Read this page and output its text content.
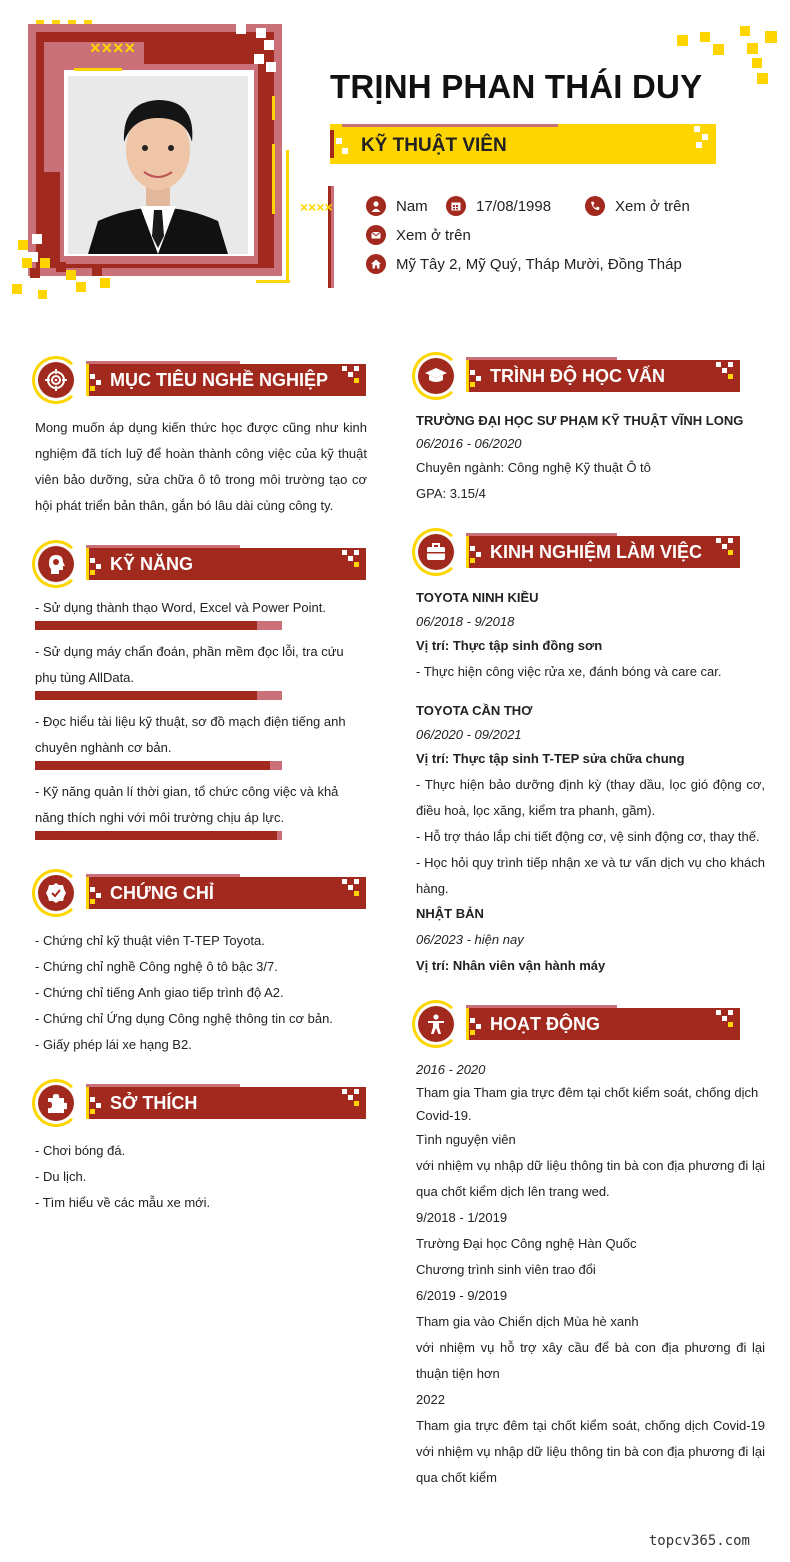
××××
××××
TRỊNH PHAN THÁI DUY
KỸ THUẬT VIÊN
Nam	17/08/1998	Xem ở trên
Xem ở trên
Mỹ Tây 2, Mỹ Quý, Tháp Mười, Đồng Tháp
MỤC TIÊU NGHỀ NGHIỆP
Mong muốn áp dụng kiến thức học được cũng như kinh nghiệm đã tích luỹ để hoàn thành công việc của kỹ thuật viên bảo dưỡng, sửa chữa ô tô trong môi trường tạo cơ hội phát triển bản thân, gắn bó lâu dài cùng công ty.
KỸ NĂNG
- Sử dụng thành thạo Word, Excel và Power Point.
- Sử dụng máy chẩn đoán, phần mềm đọc lỗi, tra cứu phụ tùng AllData.
- Đọc hiểu tài liệu kỹ thuật, sơ đồ mạch điện tiếng anh chuyên nghành cơ bản.
- Kỹ năng quản lí thời gian, tổ chức công việc và khả năng thích nghi với môi trường chịu áp lực.
CHỨNG CHỈ
- Chứng chỉ kỹ thuật viên T-TEP Toyota.
- Chứng chỉ nghề Công nghệ ô tô bậc 3/7.
- Chứng chỉ tiếng Anh giao tiếp trình độ A2.
- Chứng chỉ Ứng dụng Công nghệ thông tin cơ bản.
- Giấy phép lái xe hạng B2.
SỞ THÍCH
- Chơi bóng đá.
- Du lịch.
- Tìm hiểu về các mẫu xe mới.
TRÌNH ĐỘ HỌC VẤN
TRƯỜNG ĐẠI HỌC SƯ PHẠM KỸ THUẬT VĨNH LONG
06/2016 - 06/2020
Chuyên ngành: Công nghệ Kỹ thuật Ô tô
GPA: 3.15/4
KINH NGHIỆM LÀM VIỆC
TOYOTA NINH KIỀU
06/2018 - 9/2018
Vị trí: Thực tập sinh đồng sơn
- Thực hiện công việc rửa xe, đánh bóng và care car.
TOYOTA CẦN THƠ
06/2020 - 09/2021
Vị trí: Thực tập sinh T-TEP sửa chữa chung
- Thực hiện bảo dưỡng định kỳ (thay dầu, lọc gió động cơ, điều hoà, lọc xăng, kiểm tra phanh, gầm).
- Hỗ trợ tháo lắp chi tiết động cơ, vệ sinh động cơ, thay thế.
- Học hỏi quy trình tiếp nhận xe và tư vấn dịch vụ cho khách hàng.
NHẬT BẢN
06/2023 - hiện nay
Vị trí: Nhân viên vận hành máy
HOẠT ĐỘNG
2016 - 2020
Tham gia Tham gia trực đêm tại chốt kiểm soát, chống dịch Covid-19.
Tình nguyện viên
với nhiệm vụ nhập dữ liệu thông tin bà con địa phương đi lại qua chốt kiểm dịch lên trang wed.
9/2018 - 1/2019
Trường Đại học Công nghệ Hàn Quốc
Chương trình sinh viên trao đổi
6/2019 - 9/2019
Tham gia vào Chiến dịch Mùa hè xanh
với nhiệm vụ hỗ trợ xây cầu để bà con địa phương đi lại thuận tiện hơn
2022
Tham gia trực đêm tại chốt kiểm soát, chống dịch Covid-19 với nhiệm vụ nhập dữ liệu thông tin bà con địa phương đi lại qua chốt kiểm
topcv365.com
